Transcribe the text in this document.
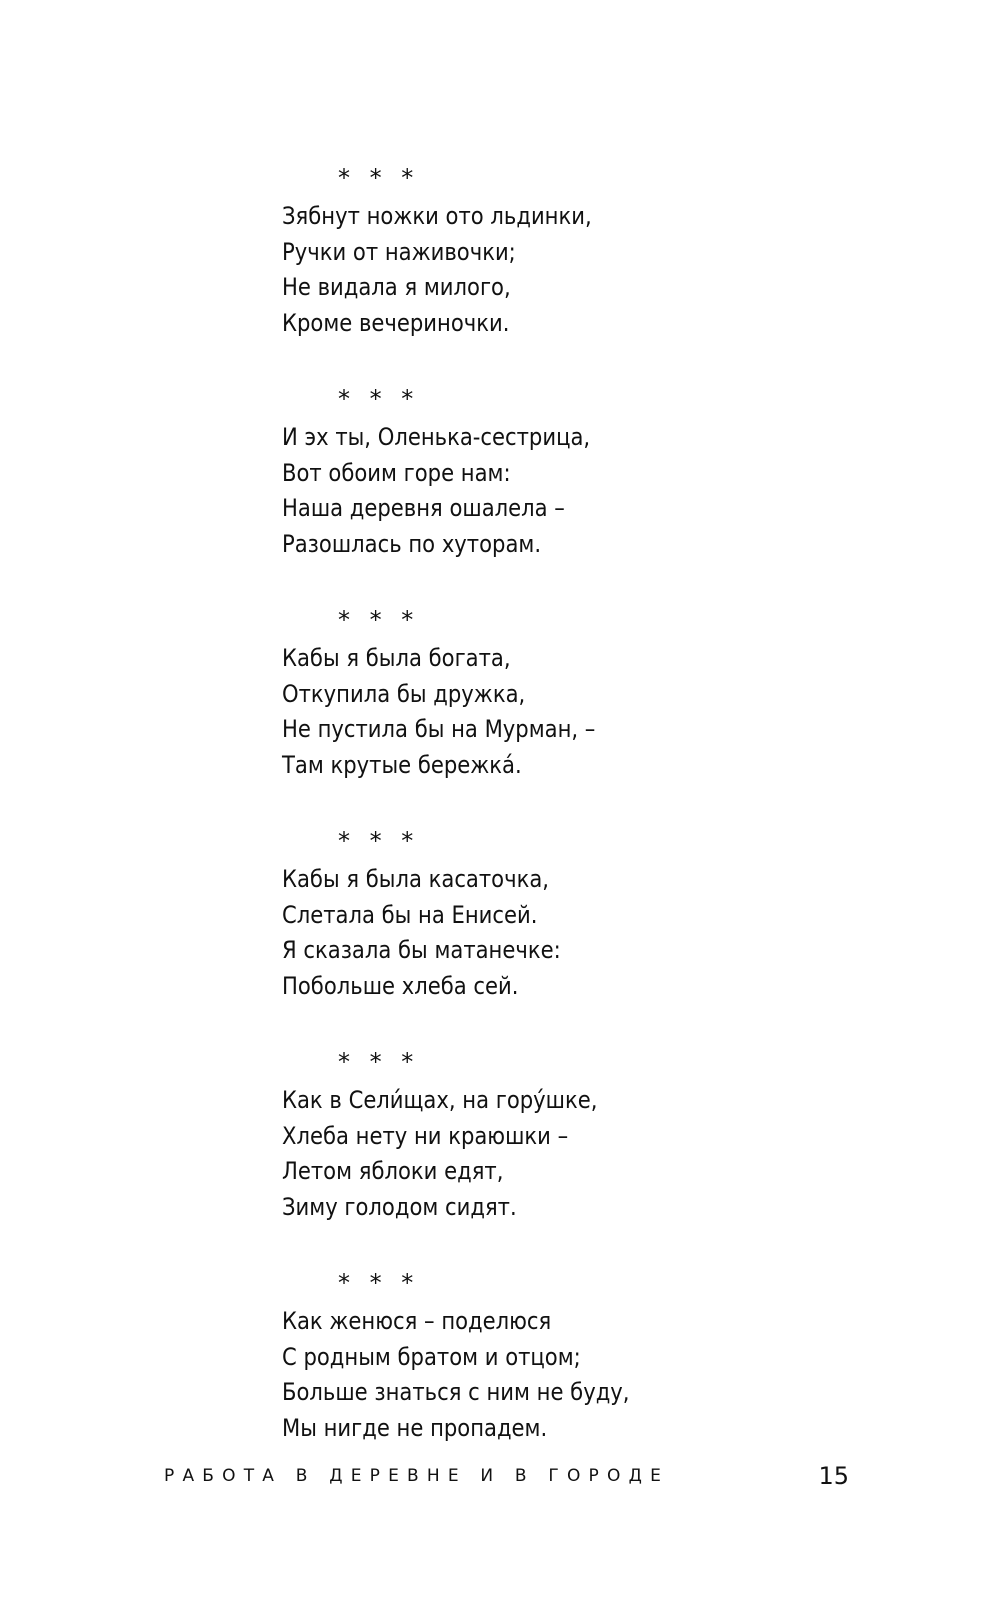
* * *
Зябнут ножки ото льдинки,
Ручки от наживочки;
Не видала я милого,
Кроме вечериночки.
* * *
И эх ты, Оленька-сестрица,
Вот обоим горе нам:
Наша деревня ошалела –
Разошлась по хуторам.
* * *
Кабы я была богата,
Откупила бы дружка,
Не пустила бы на Мурман, –
Там крутые бережка́.
* * *
Кабы я была касаточка,
Слетала бы на Енисей.
Я сказала бы матанечке:
Побольше хлеба сей.
* * *
Как в Сели́щах, на гору́шке,
Хлеба нету ни краюшки –
Летом яблоки едят,
Зиму голодом сидят.
* * *
Как женюся – поделюся
С родным братом и отцом;
Больше знаться с ним не буду,
Мы нигде не пропадем.
РАБОТА В ДЕРЕВНЕ И В ГОРОДЕ	15
